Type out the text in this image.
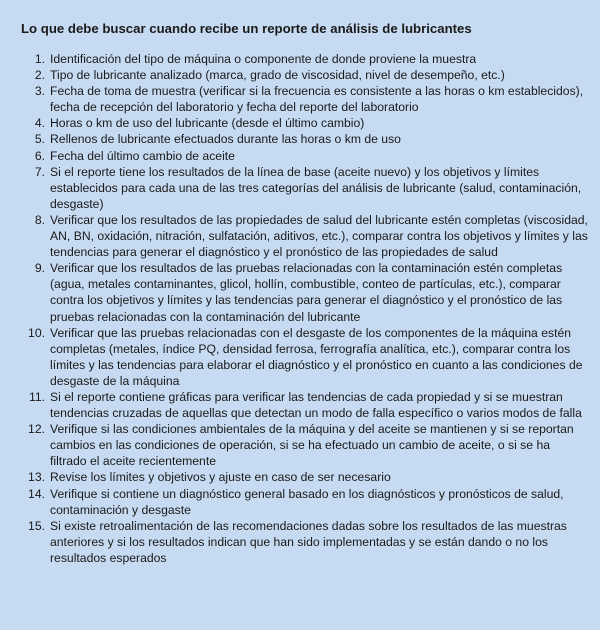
Lo que debe buscar cuando recibe un reporte de análisis de lubricantes
1. Identificación del tipo de máquina o componente de donde proviene la muestra
2. Tipo de lubricante analizado (marca, grado de viscosidad, nivel de desempeño, etc.)
3. Fecha de toma de muestra (verificar si la frecuencia es consistente a las horas o km establecidos), fecha de recepción del laboratorio y fecha del reporte del laboratorio
4. Horas o km de uso del lubricante (desde el último cambio)
5. Rellenos de lubricante efectuados durante las horas o km de uso
6. Fecha del último cambio de aceite
7. Si el reporte tiene los resultados de la línea de base (aceite nuevo) y los objetivos y límites establecidos para cada una de las tres categorías del análisis de lubricante (salud, contaminación, desgaste)
8. Verificar que los resultados de las propiedades de salud del lubricante estén completas (viscosidad, AN, BN, oxidación, nitración, sulfatación, aditivos, etc.), comparar contra los objetivos y límites y las tendencias para generar el diagnóstico y el pronóstico de las propiedades de salud
9. Verificar que los resultados de las pruebas relacionadas con la contaminación estén completas (agua, metales contaminantes, glicol, hollín, combustible, conteo de partículas, etc.), comparar contra los objetivos y límites y las tendencias para generar el diagnóstico y el pronóstico de las pruebas relacionadas con la contaminación del lubricante
10. Verificar que las pruebas relacionadas con el desgaste de los componentes de la máquina estén completas (metales, índice PQ, densidad ferrosa, ferrografía analítica, etc.), comparar contra los límites y las tendencias para elaborar el diagnóstico y el pronóstico en cuanto a las condiciones de desgaste de la máquina
11. Si el reporte contiene gráficas para verificar las tendencias de cada propiedad y si se muestran tendencias cruzadas de aquellas que detectan un modo de falla específico o varios modos de falla
12. Verifique si las condiciones ambientales de la máquina y del aceite se mantienen y si se reportan cambios en las condiciones de operación, si se ha efectuado un cambio de aceite, o si se ha filtrado el aceite recientemente
13. Revise los límites y objetivos y ajuste en caso de ser necesario
14. Verifique si contiene un diagnóstico general basado en los diagnósticos y pronósticos de salud, contaminación y desgaste
15. Si existe retroalimentación de las recomendaciones dadas sobre los resultados de las muestras anteriores y si los resultados indican que han sido implementadas y se están dando o no los resultados esperados
